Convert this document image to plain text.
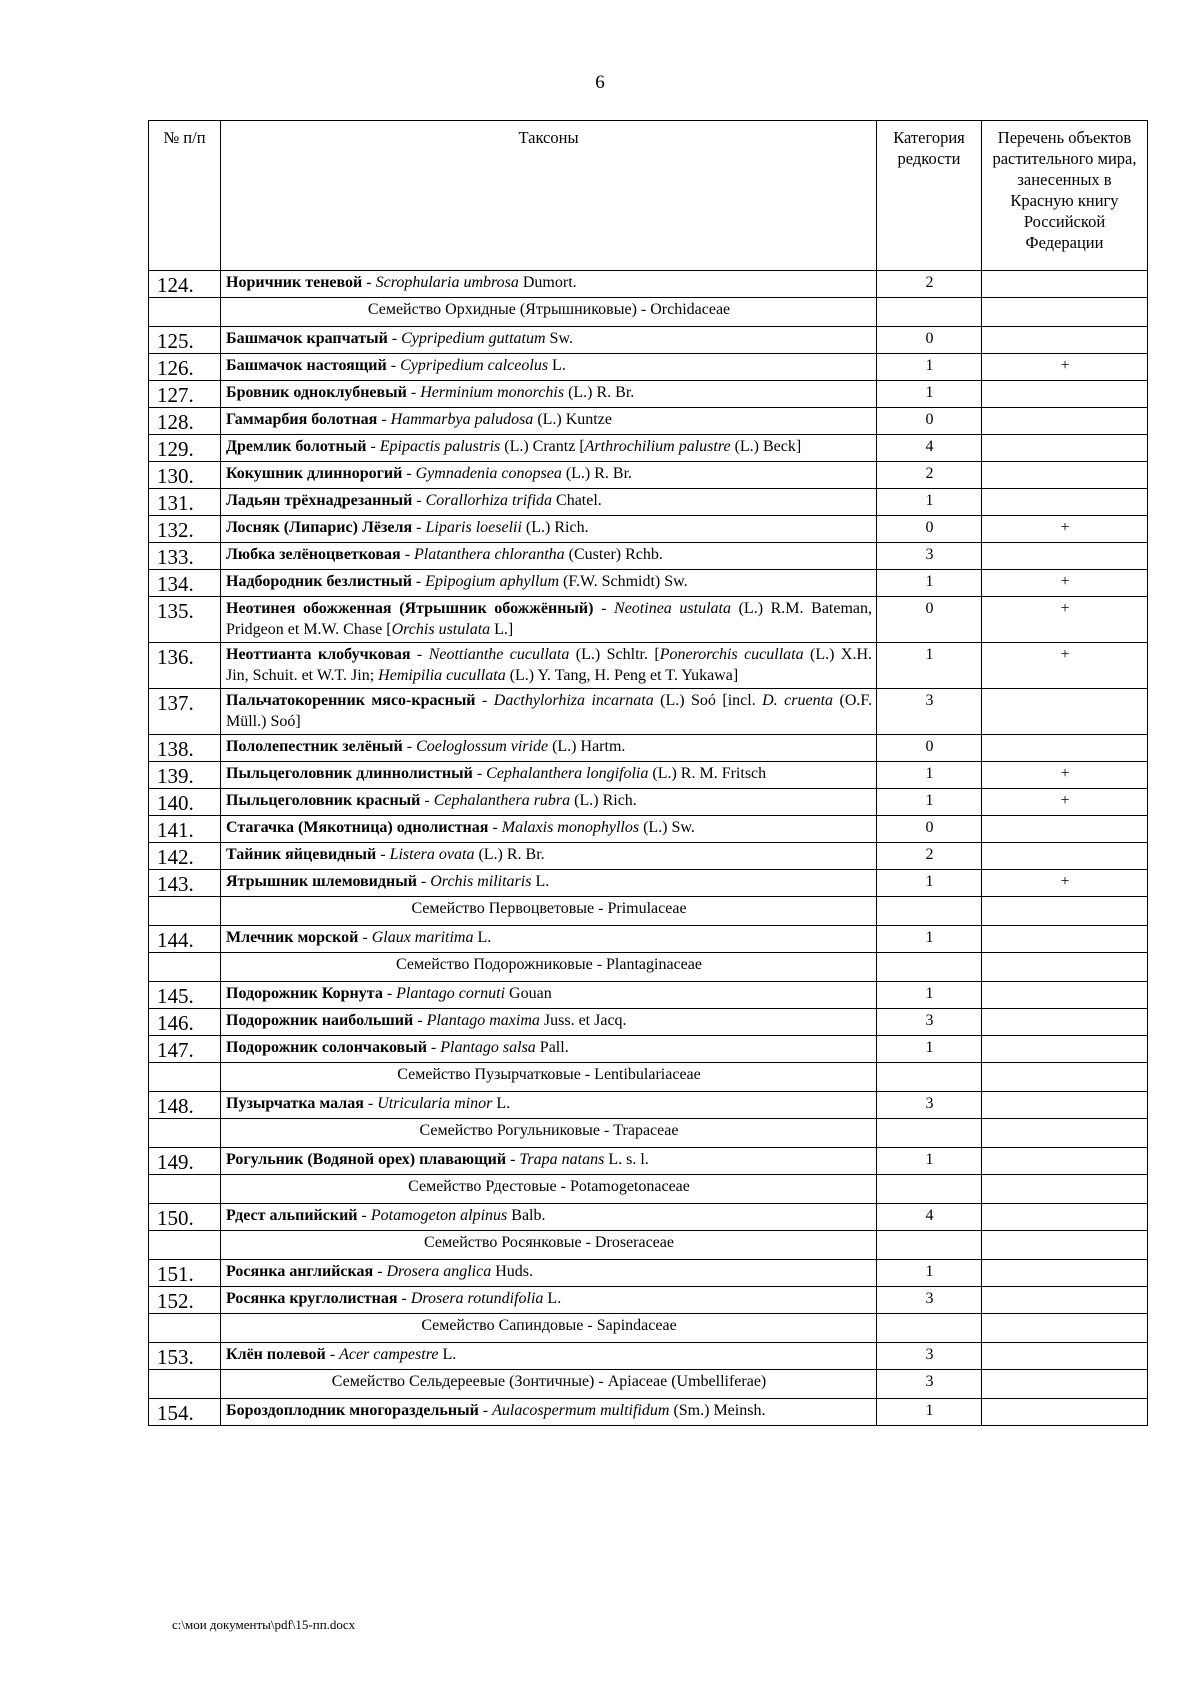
6
№ п/п	Таксоны	Категория редкости	Перечень объектов растительного мира, занесенных в Красную книгу Российской Федерации
124.	Норичник теневой - Scrophularia umbrosa Dumort.	2	
	Семейство Орхидные (Ятрышниковые) - Orchidaceae		
125.	Башмачок крапчатый - Cypripedium guttatum Sw.	0	
126.	Башмачок настоящий - Cypripedium calceolus L.	1	+
127.	Бровник одноклубневый - Herminium monorchis (L.) R. Br.	1	
128.	Гаммарбия болотная - Hammarbya paludosa (L.) Kuntze	0	
129.	Дремлик болотный - Epipactis palustris (L.) Crantz [Arthrochilium palustre (L.) Beck]	4	
130.	Кокушник длиннорогий - Gymnadenia conopsea (L.) R. Br.	2	
131.	Ладьян трёхнадрезанный - Corallorhiza trifida Chatel.	1	
132.	Лосняк (Липарис) Лёзеля - Liparis loeselii (L.) Rich.	0	+
133.	Любка зелёноцветковая - Platanthera chlorantha (Custer) Rchb.	3	
134.	Надбородник безлистный - Epipogium aphyllum (F.W. Schmidt) Sw.	1	+
135.	Неотинея обожженная (Ятрышник обожжённый) - Neotinea ustulata (L.) R.M. Bateman, Pridgeon et M.W. Chase [Orchis ustulata L.]	0	+
136.	Неоттианта клобучковая - Neottianthe cucullata (L.) Schltr. [Ponerorchis cucullata (L.) X.H. Jin, Schuit. et W.T. Jin; Hemipilia cucullata (L.) Y. Tang, H. Peng et T. Yukawa]	1	+
137.	Пальчатокоренник мясо-красный - Dacthylorhiza incarnata (L.) Soó [incl. D. cruenta (O.F. Müll.) Soó]	3	
138.	Пололепестник зелёный - Coeloglossum viride (L.) Hartm.	0	
139.	Пыльцеголовник длиннолистный - Cephalanthera longifolia (L.) R. M. Fritsch	1	+
140.	Пыльцеголовник красный - Cephalanthera rubra (L.) Rich.	1	+
141.	Стагачка (Мякотница) однолистная - Malaxis monophyllos (L.) Sw.	0	
142.	Тайник яйцевидный - Listera ovata (L.) R. Br.	2	
143.	Ятрышник шлемовидный - Orchis militaris L.	1	+
	Семейство Первоцветовые - Primulaceae		
144.	Млечник морской - Glaux maritima L.	1	
	Семейство Подорожниковые - Plantaginaceae		
145.	Подорожник Корнута - Plantago cornuti Gouan	1	
146.	Подорожник наибольший - Plantago maxima Juss. et Jacq.	3	
147.	Подорожник солончаковый - Plantago salsa Pall.	1	
	Семейство Пузырчатковые - Lentibulariaceae		
148.	Пузырчатка малая - Utricularia minor L.	3	
	Семейство Рогульниковые - Trapaceae		
149.	Рогульник (Водяной орех) плавающий - Trapa natans L. s. l.	1	
	Семейство Рдестовые - Potamogetonaceae		
150.	Рдест альпийский - Potamogeton alpinus Balb.	4	
	Семейство Росянковые - Droseraceae		
151.	Росянка английская - Drosera anglica Huds.	1	
152.	Росянка круглолистная - Drosera rotundifolia L.	3	
	Семейство Сапиндовые - Sapindaceae		
153.	Клён полевой - Acer campestre L.	3	
	Семейство Сельдереевые (Зонтичные) - Apiaceae (Umbelliferae)	3	
154.	Бороздоплодник многораздельный - Aulacospermum multifidum (Sm.) Meinsh.	1	
c:\мои документы\pdf\15-пп.docx
